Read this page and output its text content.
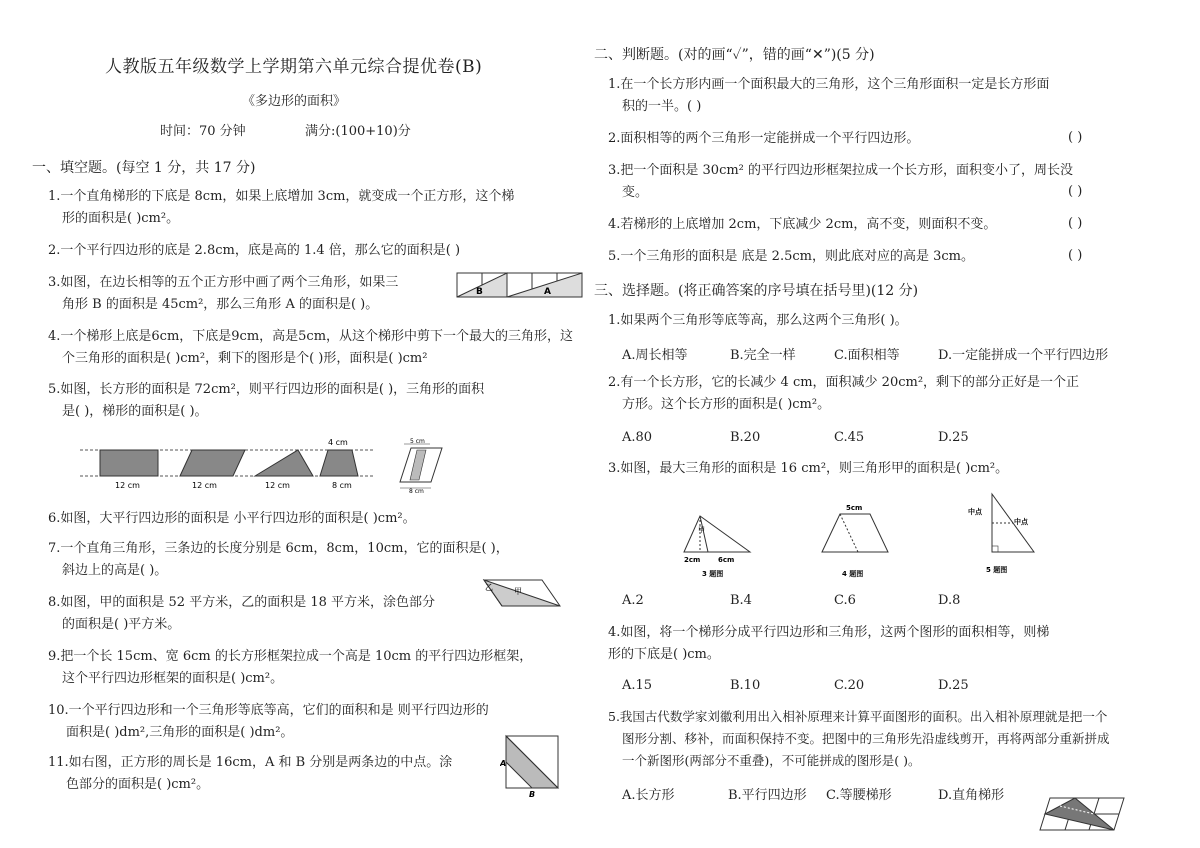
人教版五年级数学上学期第六单元综合提优卷(B)
《多边形的面积》
时间：70 分钟	满分:(100+10)分
一、填空题。(每空 1 分，共 17 分)
1.一个直角梯形的下底是 8cm，如果上底增加 3cm，就变成一个正方形，这个梯
形的面积是( )cm²。
2.一个平行四边形的底是 2.8cm，底是高的 1.4 倍，那么它的面积是( )
3.如图，在边长相等的五个正方形中画了两个三角形，如果三
角形 B 的面积是 45cm²，那么三角形 A 的面积是( )。
B	A
4.一个梯形上底是6cm，下底是9cm，高是5cm，从这个梯形中剪下一个最大的三角形，这
个三角形的面积是( )cm²，剩下的图形是个( )形，面积是( )cm²
5.如图，长方形的面积是 72cm²，则平行四边形的面积是( )，三角形的面积
是( )，梯形的面积是( )。
12 cm	12 cm	12 cm	8 cm
4 cm	5 cm
8 cm
6.如图，大平行四边形的面积是 小平行四边形的面积是( )cm²。
7.一个直角三角形，三条边的长度分别是 6cm，8cm，10cm，它的面积是( )，
斜边上的高是( )。
8.如图，甲的面积是 52 平方米，乙的面积是 18 平方米，涂色部分
的面积是( )平方米。
乙	甲
9.把一个长 15cm、宽 6cm 的长方形框架拉成一个高是 10cm 的平行四边形框架，
这个平行四边形框架的面积是( )cm²。
10.一个平行四边形和一个三角形等底等高，它们的面积和是 则平行四边形的
面积是( )dm²,三角形的面积是( )dm²。
11.如右图，正方形的周长是 16cm，A 和 B 分别是两条边的中点。涂
色部分的面积是( )cm²。
A
B
二、判断题。(对的画“✓”，错的画“✕”)(5 分)
1.在一个长方形内画一个面积最大的三角形，这个三角形面积一定是长方形面
积的一半。( )
2.面积相等的两个三角形一定能拼成一个平行四边形。	( )
3.把一个面积是 30cm² 的平行四边形框架拉成一个长方形，面积变小了，周长没
变。	( )
4.若梯形的上底增加 2cm，下底减少 2cm，高不变，则面积不变。	( )
5.一个三角形的面积是 底是 2.5cm，则此底对应的高是 3cm。	( )
三、选择题。(将正确答案的序号填在括号里)(12 分)
1.如果两个三角形等底等高，那么这两个三角形( )。
A.周长相等	B.完全一样	C.面积相等	D.一定能拼成一个平行四边形
2.有一个长方形，它的长减少 4 cm，面积减少 20cm²，剩下的部分正好是一个正
方形。这个长方形的面积是( )cm²。
A.80	B.20	C.45	D.25
3.如图，最大三角形的面积是 16 cm²，则三角形甲的面积是( )cm²。
甲
2cm	6cm
3 题图
5cm
4 题图
中点
中点
5 题图
A.2	B.4	C.6	D.8
4.如图，将一个梯形分成平行四边形和三角形，这两个图形的面积相等，则梯
形的下底是( )cm。
A.15	B.10	C.20	D.25
5.我国古代数学家刘徽利用出入相补原理来计算平面图形的面积。出入相补原理就是把一个
图形分割、移补，而面积保持不变。把图中的三角形先沿虚线剪开，再将两部分重新拼成
一个新图形(两部分不重叠)，不可能拼成的图形是( )。
A.长方形	B.平行四边形 C.等腰梯形	D.直角梯形
